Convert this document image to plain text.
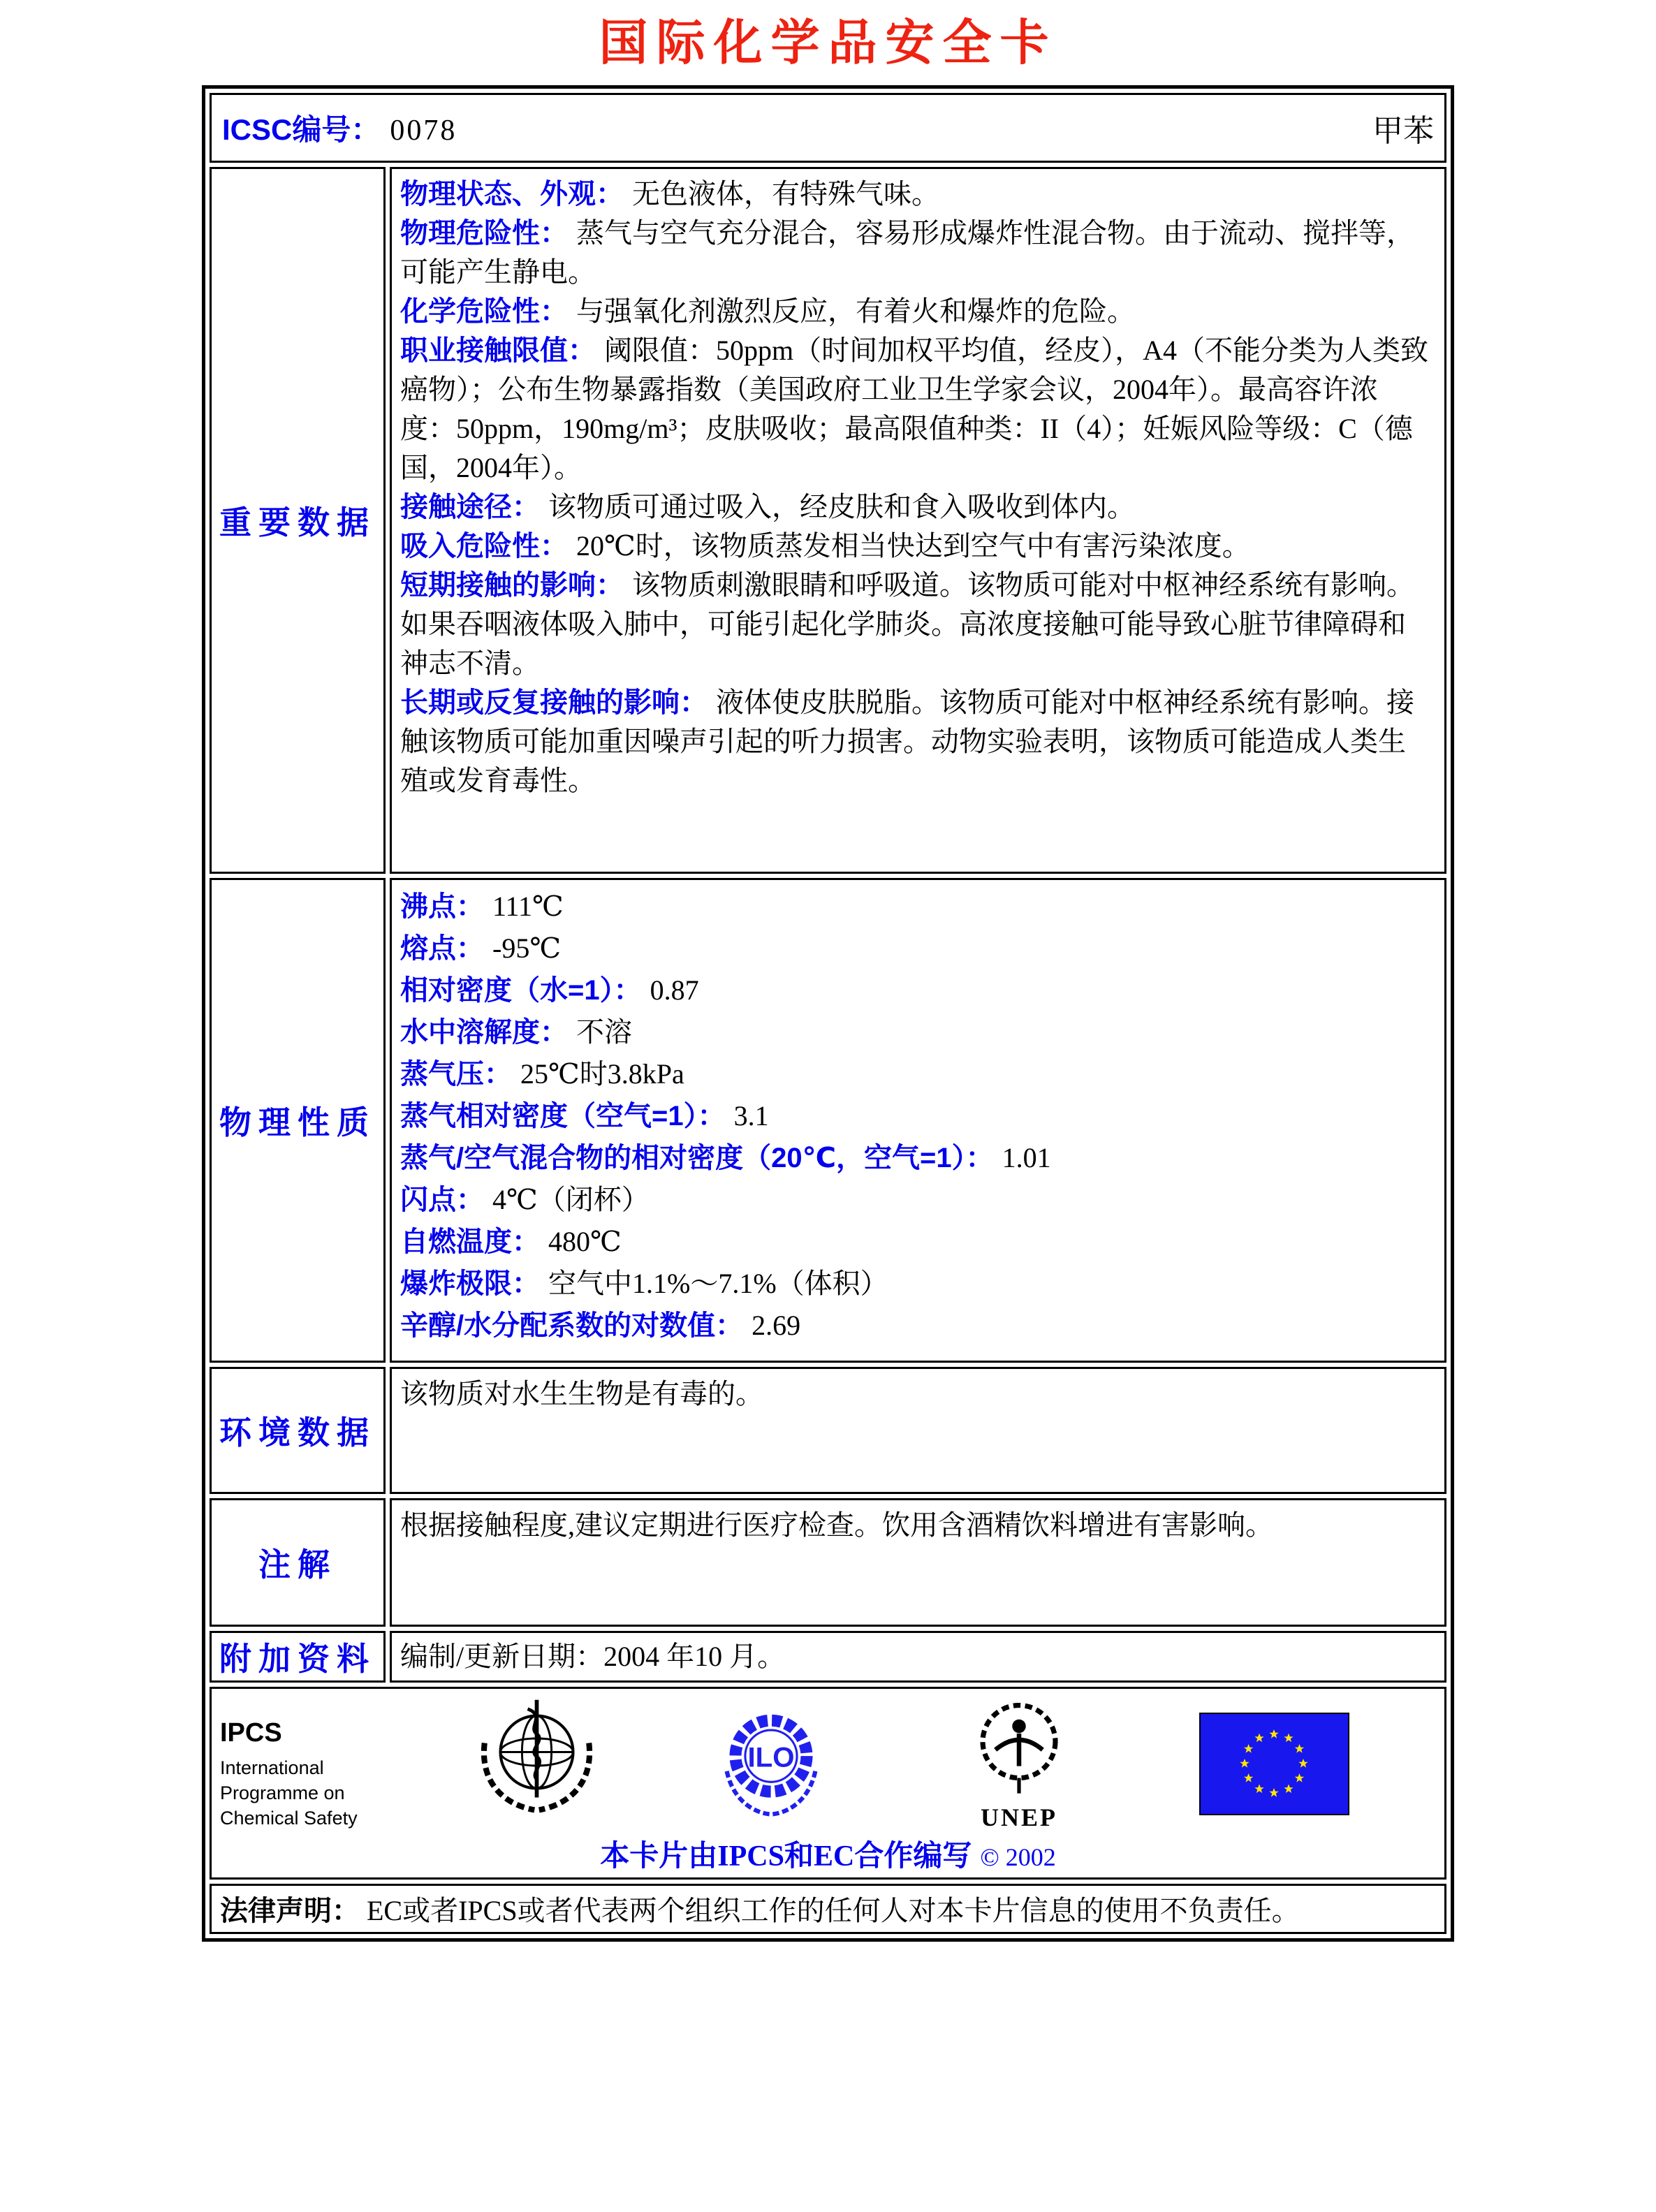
国际化学品安全卡
ICSC编号： 0078 甲苯	

重要数据	
物理状态、外观： 无色液体，有特殊气味。
物理危险性： 蒸气与空气充分混合，容易形成爆炸性混合物。由于流动、搅拌等，可能产生静电。
化学危险性： 与强氧化剂激烈反应，有着火和爆炸的危险。
职业接触限值： 阈限值：50ppm（时间加权平均值，经皮），A4（不能分类为人类致癌物）；公布生物暴露指数（美国政府工业卫生学家会议，2004年）。最高容许浓度：50ppm，190mg/m³；皮肤吸收；最高限值种类：II（4）；妊娠风险等级：C（德国，2004年）。
接触途径： 该物质可通过吸入，经皮肤和食入吸收到体内。
吸入危险性： 20℃时，该物质蒸发相当快达到空气中有害污染浓度。
短期接触的影响： 该物质刺激眼睛和呼吸道。该物质可能对中枢神经系统有影响。如果吞咽液体吸入肺中，可能引起化学肺炎。高浓度接触可能导致心脏节律障碍和神志不清。
长期或反复接触的影响： 液体使皮肤脱脂。该物质可能对中枢神经系统有影响。接触该物质可能加重因噪声引起的听力损害。动物实验表明，该物质可能造成人类生殖或发育毒性。

物理性质	
沸点： 111℃
熔点： -95℃
相对密度（水=1）： 0.87
水中溶解度： 不溶
蒸气压： 25℃时3.8kPa
蒸气相对密度（空气=1）： 3.1
蒸气/空气混合物的相对密度（20℃，空气=1）： 1.01
闪点： 4℃（闭杯）
自燃温度： 480℃
爆炸极限： 空气中1.1%～7.1%（体积）
辛醇/水分配系数的对数值： 2.69

环境数据	该物质对水生生物是有毒的。
注解	根据接触程度,建议定期进行医疗检查。饮用含酒精饮料增进有害影响。
附加资料	编制/更新日期：2004 年10 月。

IPCS
International
Programme on
Chemical Safety
ILO
UNEP
本卡片由IPCS和EC合作编写 © 2002

法律声明： EC或者IPCS或者代表两个组织工作的任何人对本卡片信息的使用不负责任。	
